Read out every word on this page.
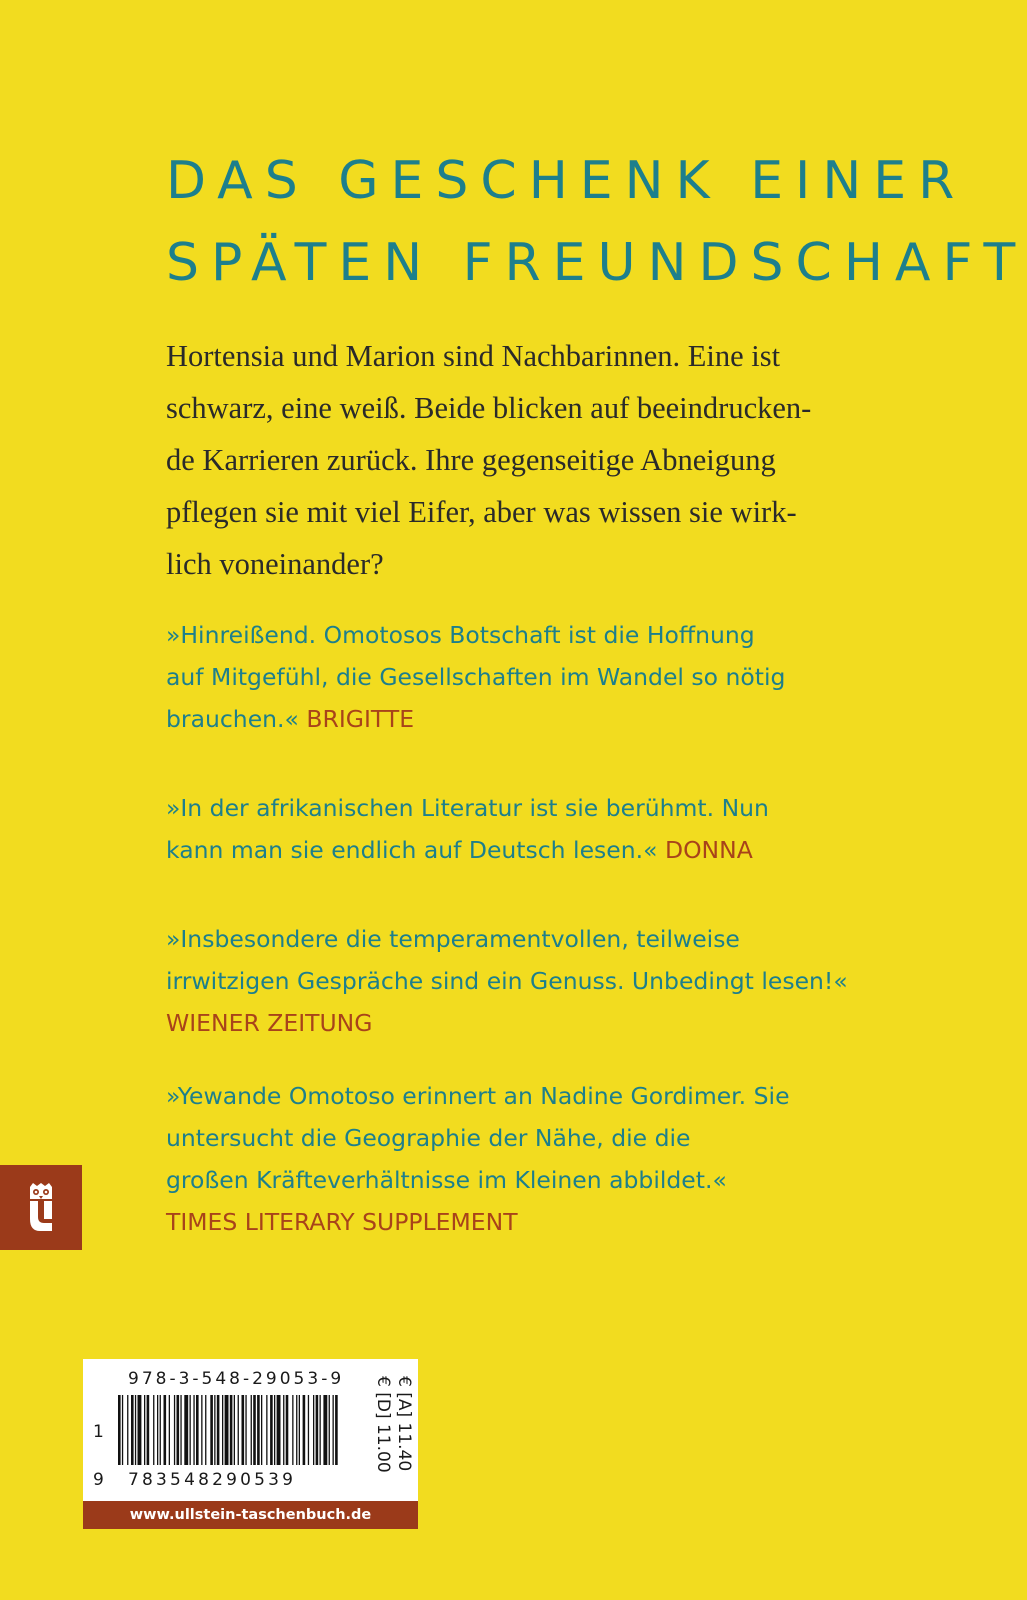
DAS GESCHENK EINER
SPÄTEN FREUNDSCHAFT

Hortensia und Marion sind Nachbarinnen. Eine ist
schwarz, eine weiß. Beide blicken auf beeindrucken-
de Karrieren zurück. Ihre gegenseitige Abneigung
pflegen sie mit viel Eifer, aber was wissen sie wirk-
lich voneinander?

»Hinreißend. Omotosos Botschaft ist die Hoffnung
auf Mitgefühl, die Gesellschaften im Wandel so nötig
brauchen.« BRIGITTE

»In der afrikanischen Literatur ist sie berühmt. Nun
kann man sie endlich auf Deutsch lesen.« DONNA

»Insbesondere die temperamentvollen, teilweise
irrwitzigen Gespräche sind ein Genuss. Unbedingt lesen!«
WIENER ZEITUNG

»Yewande Omotoso erinnert an Nadine Gordimer. Sie
untersucht die Geographie der Nähe, die die
großen Kräfteverhältnisse im Kleinen abbildet.«
TIMES LITERARY SUPPLEMENT

978-3-548-29053-9
1
9 783548290539
€ [D] 11.00 € [A] 11.40
www.ullstein-taschenbuch.de
